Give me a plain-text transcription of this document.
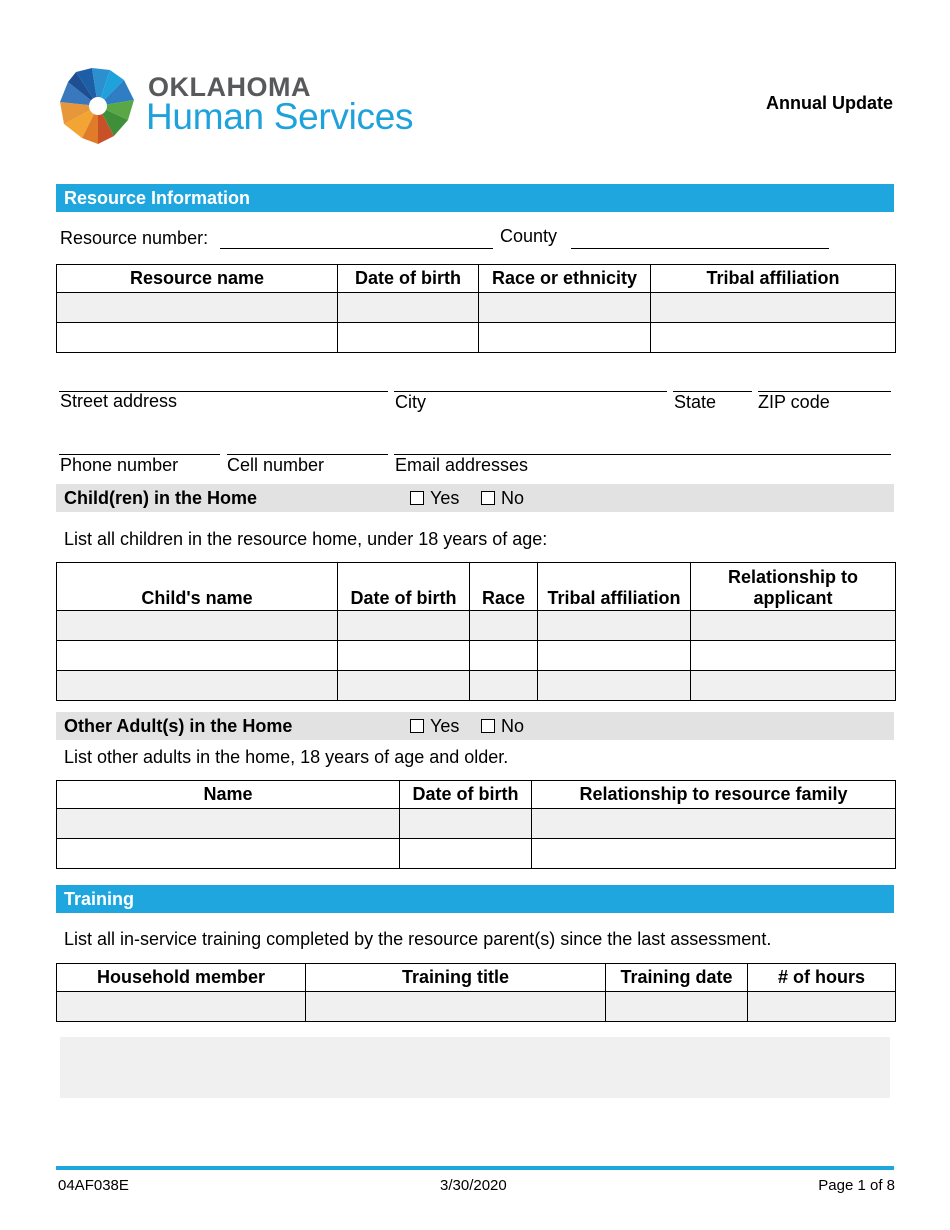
OKLAHOMA
Human Services	Annual Update
Resource Information
Resource number:	County
Resource name	Date of birth	Race or ethnicity	Tribal affiliation

Street address	City	State ZIP code
Phone number	Cell number	Email addresses
Child(ren) in the Home	Yes	No
List all children in the resource home, under 18 years of age:
Child's name	Date of birth	Race	Tribal affiliation	Relationship to applicant

Other Adult(s) in the Home	Yes	No
List other adults in the home, 18 years of age and older.
Name	Date of birth	Relationship to resource family

Training
List all in-service training completed by the resource parent(s) since the last assessment.
Household member	Training title	Training date	# of hours

04AF038E	3/30/2020	Page 1 of 8
